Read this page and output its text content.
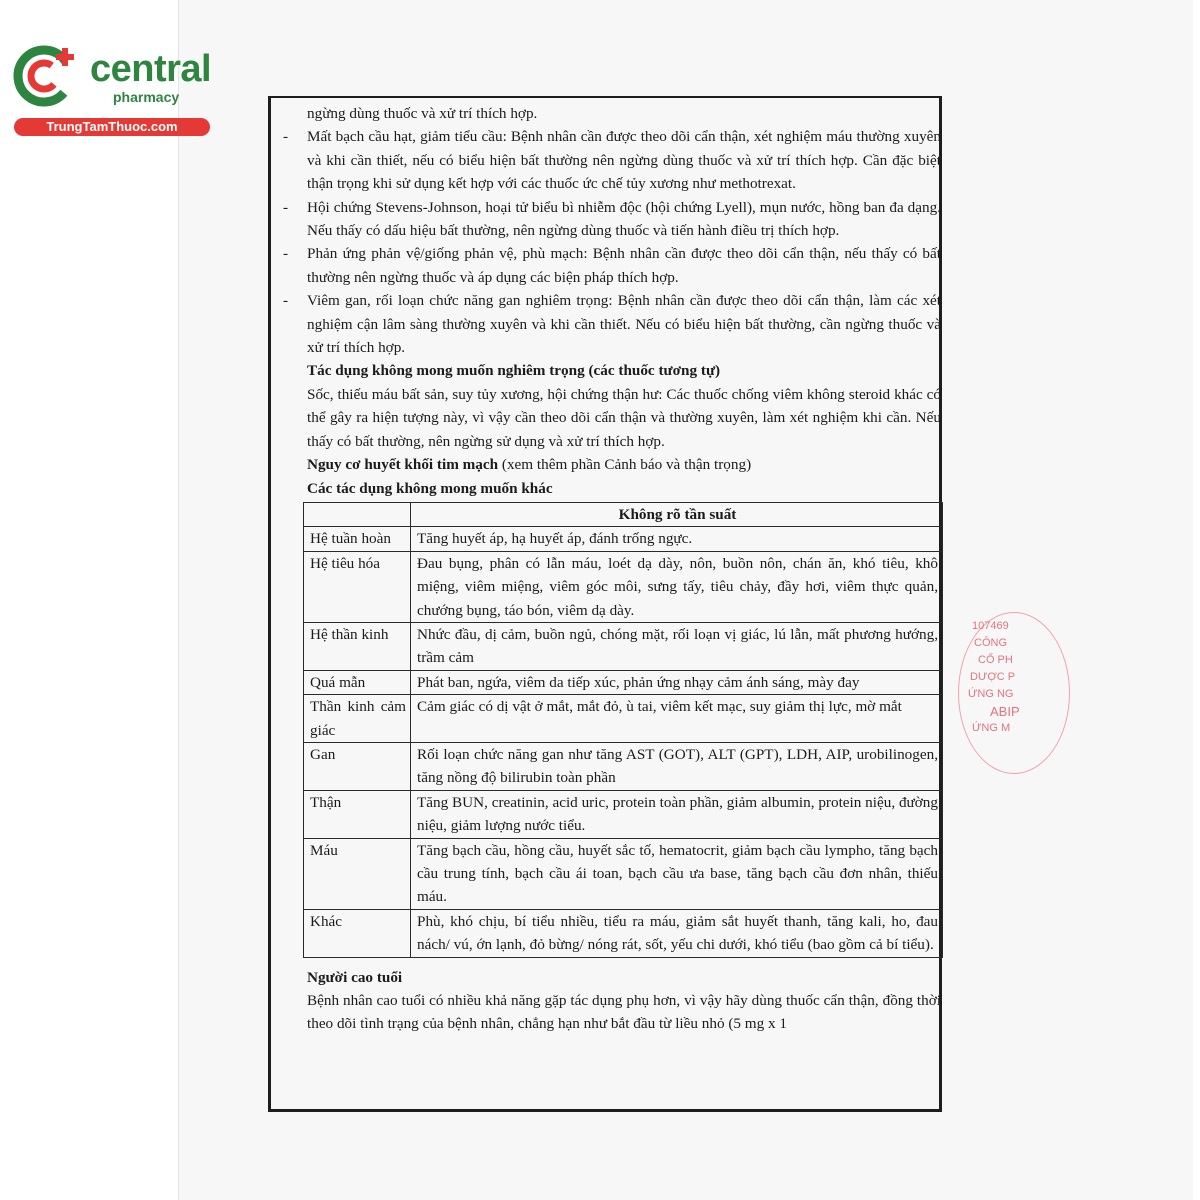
central
pharmacy
TrungTamThuoc.com
107469
CÔNG
CỔ PH
DƯỢC P
ỨNG NG
ABIP
ỨNG M

ngừng dùng thuốc và xử trí thích hợp.

- Mất bạch cầu hạt, giảm tiểu cầu: Bệnh nhân cần được theo dõi cẩn thận, xét nghiệm máu thường xuyên và khi cần thiết, nếu có biểu hiện bất thường nên ngừng dùng thuốc và xử trí thích hợp. Cần đặc biệt thận trọng khi sử dụng kết hợp với các thuốc ức chế tủy xương như methotrexat.

- Hội chứng Stevens-Johnson, hoại tử biểu bì nhiễm độc (hội chứng Lyell), mụn nước, hồng ban đa dạng. Nếu thấy có dấu hiệu bất thường, nên ngừng dùng thuốc và tiến hành điều trị thích hợp.

- Phản ứng phản vệ/giống phản vệ, phù mạch: Bệnh nhân cần được theo dõi cẩn thận, nếu thấy có bất thường nên ngừng thuốc và áp dụng các biện pháp thích hợp.

- Viêm gan, rối loạn chức năng gan nghiêm trọng: Bệnh nhân cần được theo dõi cẩn thận, làm các xét nghiệm cận lâm sàng thường xuyên và khi cần thiết. Nếu có biểu hiện bất thường, cần ngừng thuốc và xử trí thích hợp.

Tác dụng không mong muốn nghiêm trọng (các thuốc tương tự)

Sốc, thiếu máu bất sản, suy tủy xương, hội chứng thận hư: Các thuốc chống viêm không steroid khác có thể gây ra hiện tượng này, vì vậy cần theo dõi cẩn thận và thường xuyên, làm xét nghiệm khi cần. Nếu thấy có bất thường, nên ngừng sử dụng và xử trí thích hợp.

Nguy cơ huyết khối tim mạch (xem thêm phần Cảnh báo và thận trọng)

Các tác dụng không mong muốn khác

	Không rõ tần suất
Hệ tuần hoàn	Tăng huyết áp, hạ huyết áp, đánh trống ngực.
Hệ tiêu hóa	Đau bụng, phân có lẫn máu, loét dạ dày, nôn, buồn nôn, chán ăn, khó tiêu, khô miệng, viêm miệng, viêm góc môi, sưng tấy, tiêu chảy, đầy hơi, viêm thực quản, chướng bụng, táo bón, viêm dạ dày.
Hệ thần kinh	Nhức đầu, dị cảm, buồn ngủ, chóng mặt, rối loạn vị giác, lú lẫn, mất phương hướng, trầm cảm
Quá mẫn	Phát ban, ngứa, viêm da tiếp xúc, phản ứng nhạy cảm ánh sáng, mày đay
Thần kinh cảm giác	Cảm giác có dị vật ở mắt, mắt đỏ, ù tai, viêm kết mạc, suy giảm thị lực, mờ mắt
Gan	Rối loạn chức năng gan như tăng AST (GOT), ALT (GPT), LDH, AIP, urobilinogen, tăng nồng độ bilirubin toàn phần
Thận	Tăng BUN, creatinin, acid uric, protein toàn phần, giảm albumin, protein niệu, đường niệu, giảm lượng nước tiểu.
Máu	Tăng bạch cầu, hồng cầu, huyết sắc tố, hematocrit, giảm bạch cầu lympho, tăng bạch cầu trung tính, bạch cầu ái toan, bạch cầu ưa base, tăng bạch cầu đơn nhân, thiếu máu.
Khác	Phù, khó chịu, bí tiểu nhiều, tiểu ra máu, giảm sắt huyết thanh, tăng kali, ho, đau nách/ vú, ớn lạnh, đỏ bừng/ nóng rát, sốt, yếu chi dưới, khó tiểu (bao gồm cả bí tiểu).

Người cao tuổi

Bệnh nhân cao tuổi có nhiều khả năng gặp tác dụng phụ hơn, vì vậy hãy dùng thuốc cẩn thận, đồng thời theo dõi tình trạng của bệnh nhân, chẳng hạn như bắt đầu từ liều nhỏ (5 mg x 1
